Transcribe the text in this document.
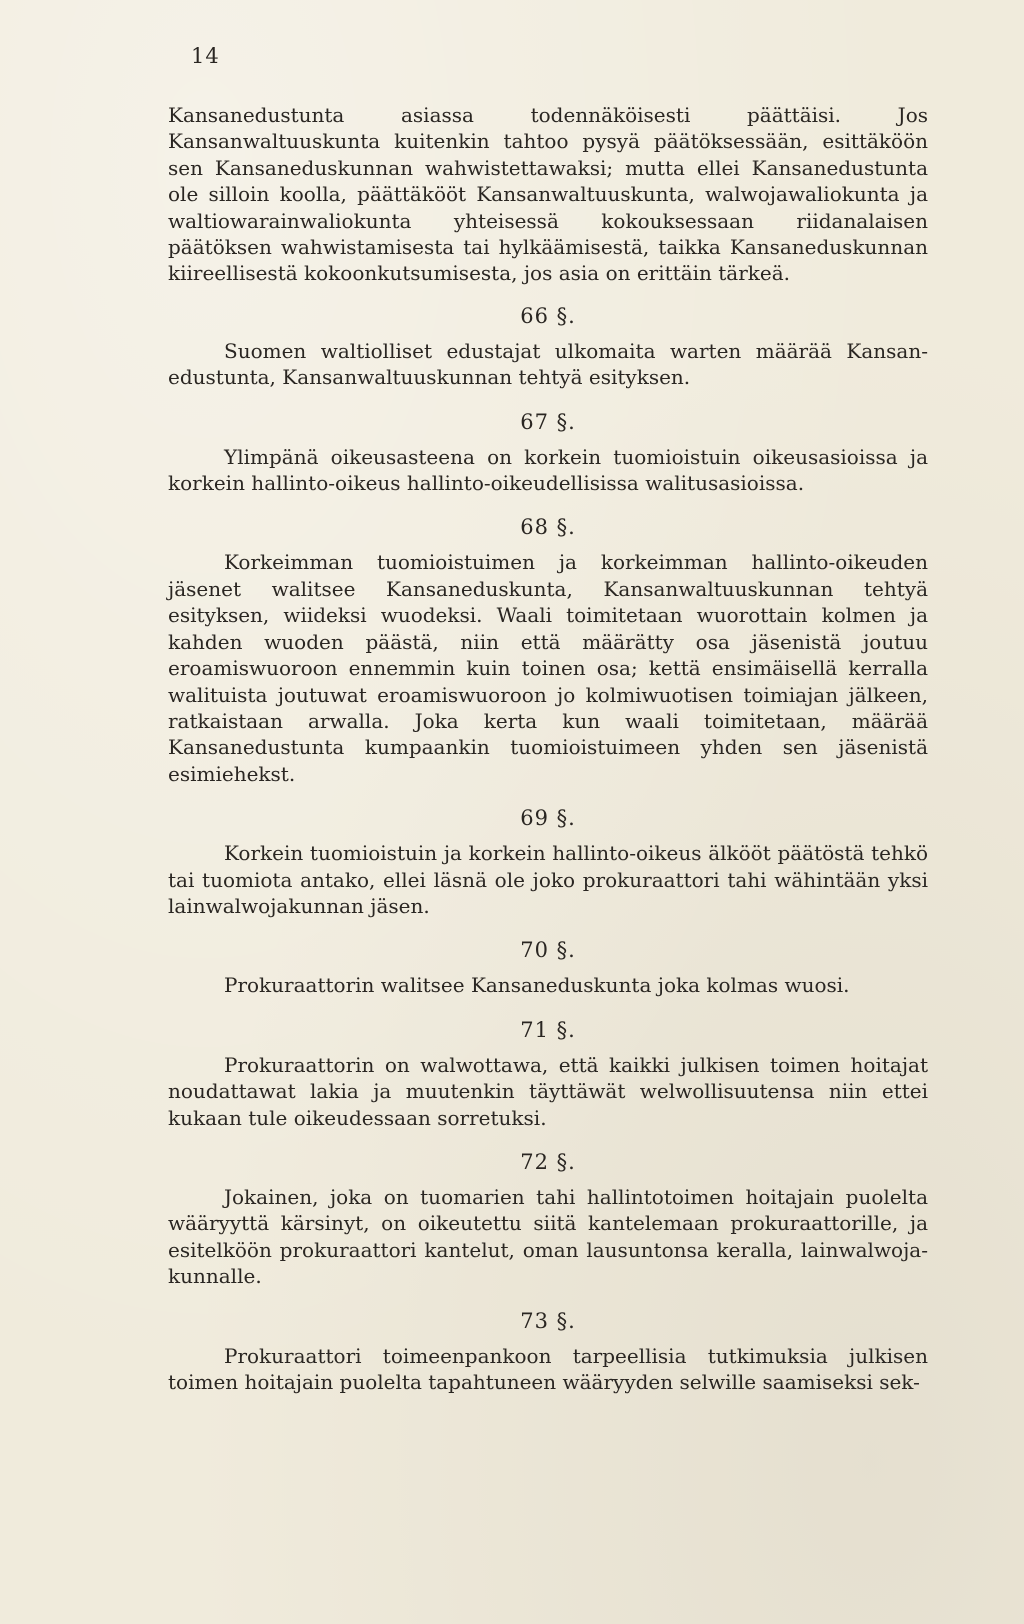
14

Kansanedustunta asiassa todennäköisesti päättäisi. Jos Kansanwaltuuskunta kuitenkin tahtoo pysyä päätöksessään, esittäköön sen Kansaneduskunnan wahwistettawaksi; mutta ellei Kansanedustunta ole silloin koolla, päättäkööt Kansanwaltuuskunta, walwojawaliokunta ja waltiowarainwaliokunta yhteisessä kokouksessaan riidanalaisen päätöksen wahwistamisesta tai hylkäämisestä, taikka Kansaneduskunnan kiireellisestä kokoonkutsumisesta, jos asia on erittäin tärkeä.

66 §.

Suomen waltiolliset edustajat ulkomaita warten määrää Kansanedustunta, Kansanwaltuuskunnan tehtyä esityksen.

67 §.

Ylimpänä oikeusasteena on korkein tuomioistuin oikeusasioissa ja korkein hallinto-oikeus hallinto-oikeudellisissa walitusasioissa.

68 §.

Korkeimman tuomioistuimen ja korkeimman hallinto-oikeuden jäsenet walitsee Kansaneduskunta, Kansanwaltuuskunnan tehtyä esityksen, wiideksi wuodeksi. Waali toimitetaan wuorottain kolmen ja kahden wuoden päästä, niin että määrätty osa jäsenistä joutuu eroamiswuoroon ennemmin kuin toinen osa; kettä ensimäisellä kerralla walituista joutuwat eroamiswuoroon jo kolmiwuotisen toimiajan jälkeen, ratkaistaan arwalla. Joka kerta kun waali toimitetaan, määrää Kansanedustunta kumpaankin tuomioistuimeen yhden sen jäsenistä esimiehekst.

69 §.

Korkein tuomioistuin ja korkein hallinto-oikeus älkööt päätöstä tehkö tai tuomiota antako, ellei läsnä ole joko prokuraattori tahi wähintään yksi lainwalwojakunnan jäsen.

70 §.

Prokuraattorin walitsee Kansaneduskunta joka kolmas wuosi.

71 §.

Prokuraattorin on walwottawa, että kaikki julkisen toimen hoitajat noudattawat lakia ja muutenkin täyttäwät welwollisuutensa niin ettei kukaan tule oikeudessaan sorretuksi.

72 §.

Jokainen, joka on tuomarien tahi hallintotoimen hoitajain puolelta wääryyttä kärsinyt, on oikeutettu siitä kantelemaan prokuraattorille, ja esitelköön prokuraattori kantelut, oman lausuntonsa keralla, lainwalwojakunnalle.

73 §.

Prokuraattori toimeenpankoon tarpeellisia tutkimuksia julkisen toimen hoitajain puolelta tapahtuneen wääryyden selwille saamiseksi sek-
